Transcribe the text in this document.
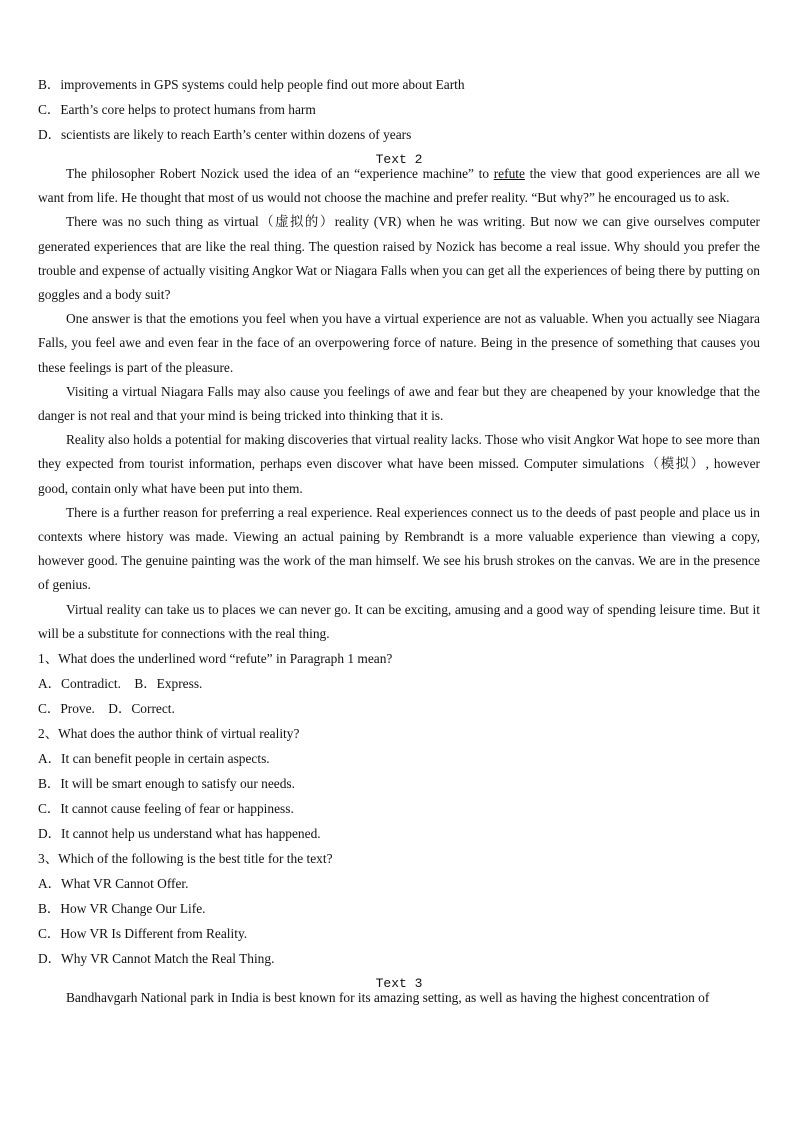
B．improvements in GPS systems could help people find out more about Earth
C．Earth’s core helps to protect humans from harm
D．scientists are likely to reach Earth’s center within dozens of years
Text 2
The philosopher Robert Nozick used the idea of an “experience machine” to refute the view that good experiences are all we want from life. He thought that most of us would not choose the machine and prefer reality. “But why?” he encouraged us to ask.
There was no such thing as virtual（虚拟的）reality (VR) when he was writing. But now we can give ourselves computer generated experiences that are like the real thing. The question raised by Nozick has become a real issue. Why should you prefer the trouble and expense of actually visiting Angkor Wat or Niagara Falls when you can get all the experiences of being there by putting on goggles and a body suit?
One answer is that the emotions you feel when you have a virtual experience are not as valuable. When you actually see Niagara Falls, you feel awe and even fear in the face of an overpowering force of nature. Being in the presence of something that causes you these feelings is part of the pleasure.
Visiting a virtual Niagara Falls may also cause you feelings of awe and fear but they are cheapened by your knowledge that the danger is not real and that your mind is being tricked into thinking that it is.
Reality also holds a potential for making discoveries that virtual reality lacks. Those who visit Angkor Wat hope to see more than they expected from tourist information, perhaps even discover what have been missed. Computer simulations（模拟）, however good, contain only what have been put into them.
There is a further reason for preferring a real experience. Real experiences connect us to the deeds of past people and place us in contexts where history was made. Viewing an actual paining by Rembrandt is a more valuable experience than viewing a copy, however good. The genuine painting was the work of the man himself. We see his brush strokes on the canvas. We are in the presence of genius.
Virtual reality can take us to places we can never go. It can be exciting, amusing and a good way of spending leisure time. But it will be a substitute for connections with the real thing.
1、What does the underlined word “refute” in Paragraph 1 mean?
A．Contradict.　B．Express.
C．Prove.　D．Correct.
2、What does the author think of virtual reality?
A．It can benefit people in certain aspects.
B．It will be smart enough to satisfy our needs.
C．It cannot cause feeling of fear or happiness.
D．It cannot help us understand what has happened.
3、Which of the following is the best title for the text?
A．What VR Cannot Offer.
B．How VR Change Our Life.
C．How VR Is Different from Reality.
D．Why VR Cannot Match the Real Thing.
Text 3
Bandhavgarh National park in India is best known for its amazing setting, as well as having the highest concentration of
